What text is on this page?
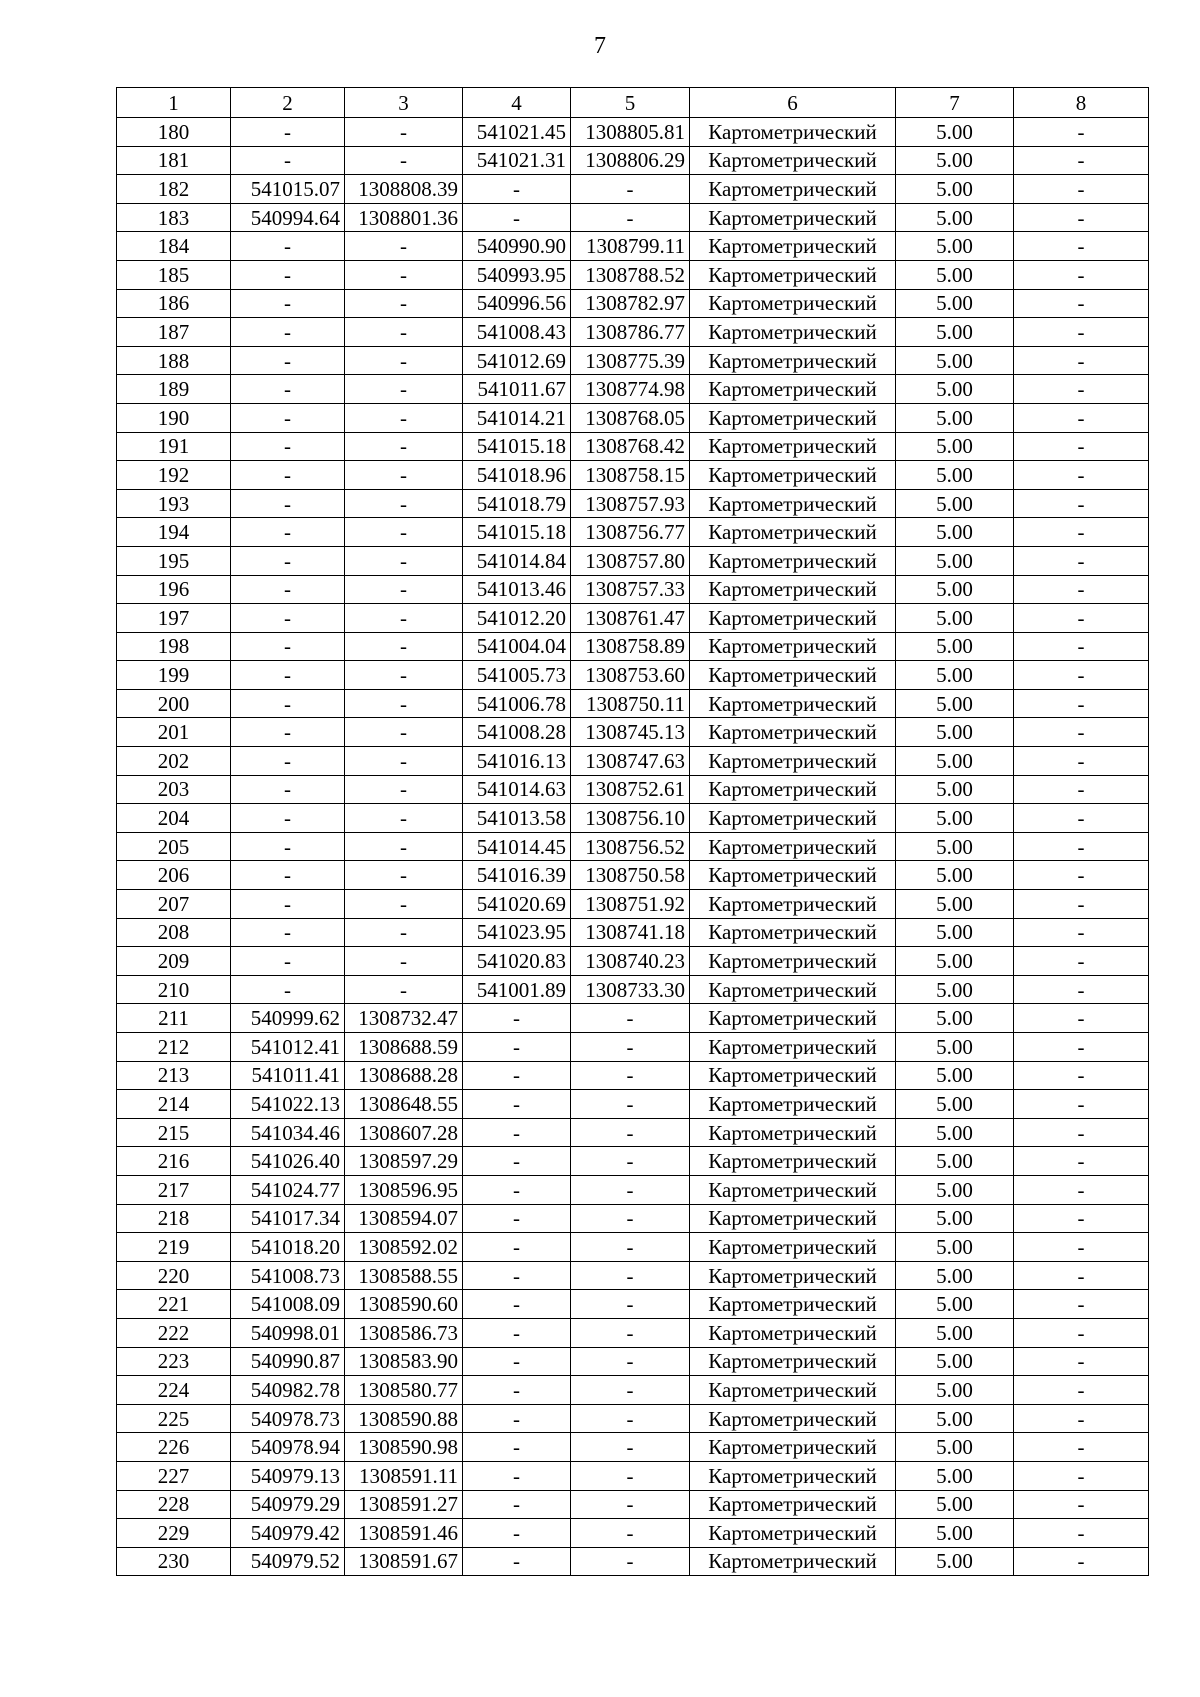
7
1	2	3	4	5	6	7	8
180	-	-	541021.45	1308805.81	Картометрический	5.00	-
181	-	-	541021.31	1308806.29	Картометрический	5.00	-
182	541015.07	1308808.39	-	-	Картометрический	5.00	-
183	540994.64	1308801.36	-	-	Картометрический	5.00	-
184	-	-	540990.90	1308799.11	Картометрический	5.00	-
185	-	-	540993.95	1308788.52	Картометрический	5.00	-
186	-	-	540996.56	1308782.97	Картометрический	5.00	-
187	-	-	541008.43	1308786.77	Картометрический	5.00	-
188	-	-	541012.69	1308775.39	Картометрический	5.00	-
189	-	-	541011.67	1308774.98	Картометрический	5.00	-
190	-	-	541014.21	1308768.05	Картометрический	5.00	-
191	-	-	541015.18	1308768.42	Картометрический	5.00	-
192	-	-	541018.96	1308758.15	Картометрический	5.00	-
193	-	-	541018.79	1308757.93	Картометрический	5.00	-
194	-	-	541015.18	1308756.77	Картометрический	5.00	-
195	-	-	541014.84	1308757.80	Картометрический	5.00	-
196	-	-	541013.46	1308757.33	Картометрический	5.00	-
197	-	-	541012.20	1308761.47	Картометрический	5.00	-
198	-	-	541004.04	1308758.89	Картометрический	5.00	-
199	-	-	541005.73	1308753.60	Картометрический	5.00	-
200	-	-	541006.78	1308750.11	Картометрический	5.00	-
201	-	-	541008.28	1308745.13	Картометрический	5.00	-
202	-	-	541016.13	1308747.63	Картометрический	5.00	-
203	-	-	541014.63	1308752.61	Картометрический	5.00	-
204	-	-	541013.58	1308756.10	Картометрический	5.00	-
205	-	-	541014.45	1308756.52	Картометрический	5.00	-
206	-	-	541016.39	1308750.58	Картометрический	5.00	-
207	-	-	541020.69	1308751.92	Картометрический	5.00	-
208	-	-	541023.95	1308741.18	Картометрический	5.00	-
209	-	-	541020.83	1308740.23	Картометрический	5.00	-
210	-	-	541001.89	1308733.30	Картометрический	5.00	-
211	540999.62	1308732.47	-	-	Картометрический	5.00	-
212	541012.41	1308688.59	-	-	Картометрический	5.00	-
213	541011.41	1308688.28	-	-	Картометрический	5.00	-
214	541022.13	1308648.55	-	-	Картометрический	5.00	-
215	541034.46	1308607.28	-	-	Картометрический	5.00	-
216	541026.40	1308597.29	-	-	Картометрический	5.00	-
217	541024.77	1308596.95	-	-	Картометрический	5.00	-
218	541017.34	1308594.07	-	-	Картометрический	5.00	-
219	541018.20	1308592.02	-	-	Картометрический	5.00	-
220	541008.73	1308588.55	-	-	Картометрический	5.00	-
221	541008.09	1308590.60	-	-	Картометрический	5.00	-
222	540998.01	1308586.73	-	-	Картометрический	5.00	-
223	540990.87	1308583.90	-	-	Картометрический	5.00	-
224	540982.78	1308580.77	-	-	Картометрический	5.00	-
225	540978.73	1308590.88	-	-	Картометрический	5.00	-
226	540978.94	1308590.98	-	-	Картометрический	5.00	-
227	540979.13	1308591.11	-	-	Картометрический	5.00	-
228	540979.29	1308591.27	-	-	Картометрический	5.00	-
229	540979.42	1308591.46	-	-	Картометрический	5.00	-
230	540979.52	1308591.67	-	-	Картометрический	5.00	-
